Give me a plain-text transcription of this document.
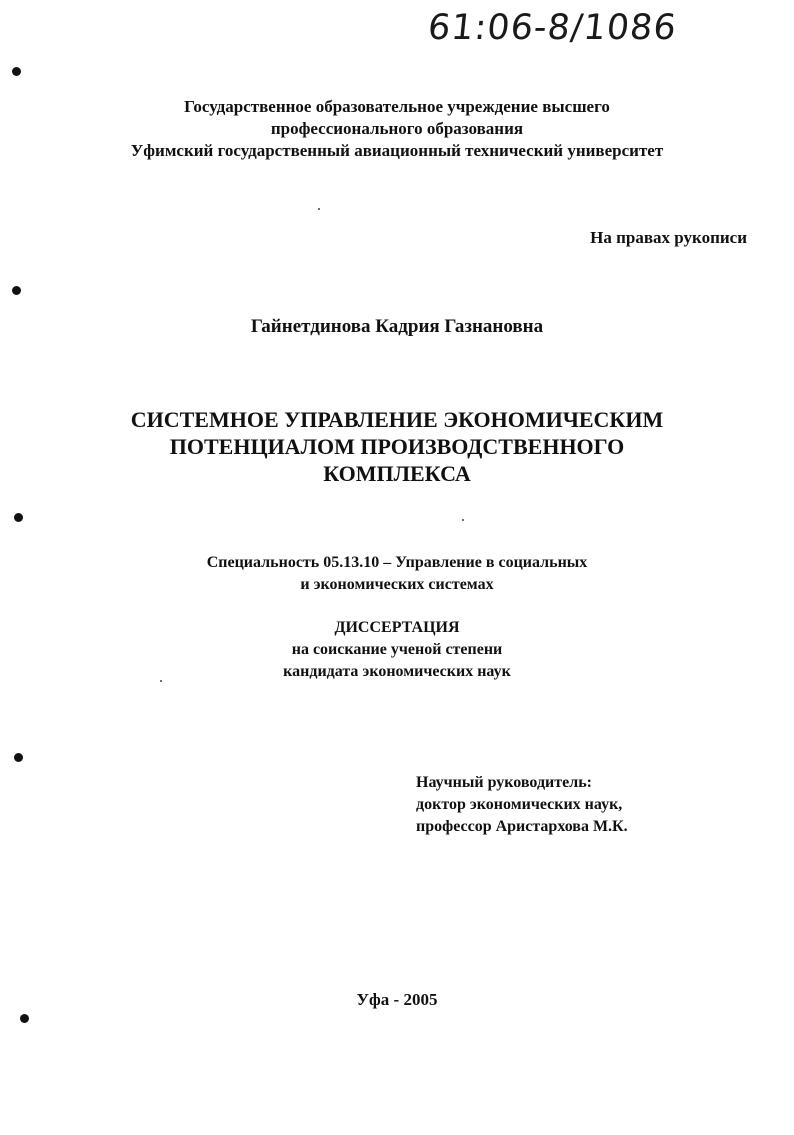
61:06-8/1086
Государственное образовательное учреждение высшего
профессионального образования
Уфимский государственный авиационный технический университет
На правах рукописи
Гайнетдинова Кадрия Газнановна
СИСТЕМНОЕ УПРАВЛЕНИЕ ЭКОНОМИЧЕСКИМ
ПОТЕНЦИАЛОМ ПРОИЗВОДСТВЕННОГО
КОМПЛЕКСА
Специальность 05.13.10 – Управление в социальных
и экономических системах
ДИССЕРТАЦИЯ
на соискание ученой степени
кандидата экономических наук
Научный руководитель:
доктор экономических наук,
профессор Аристархова М.К.
Уфа - 2005
